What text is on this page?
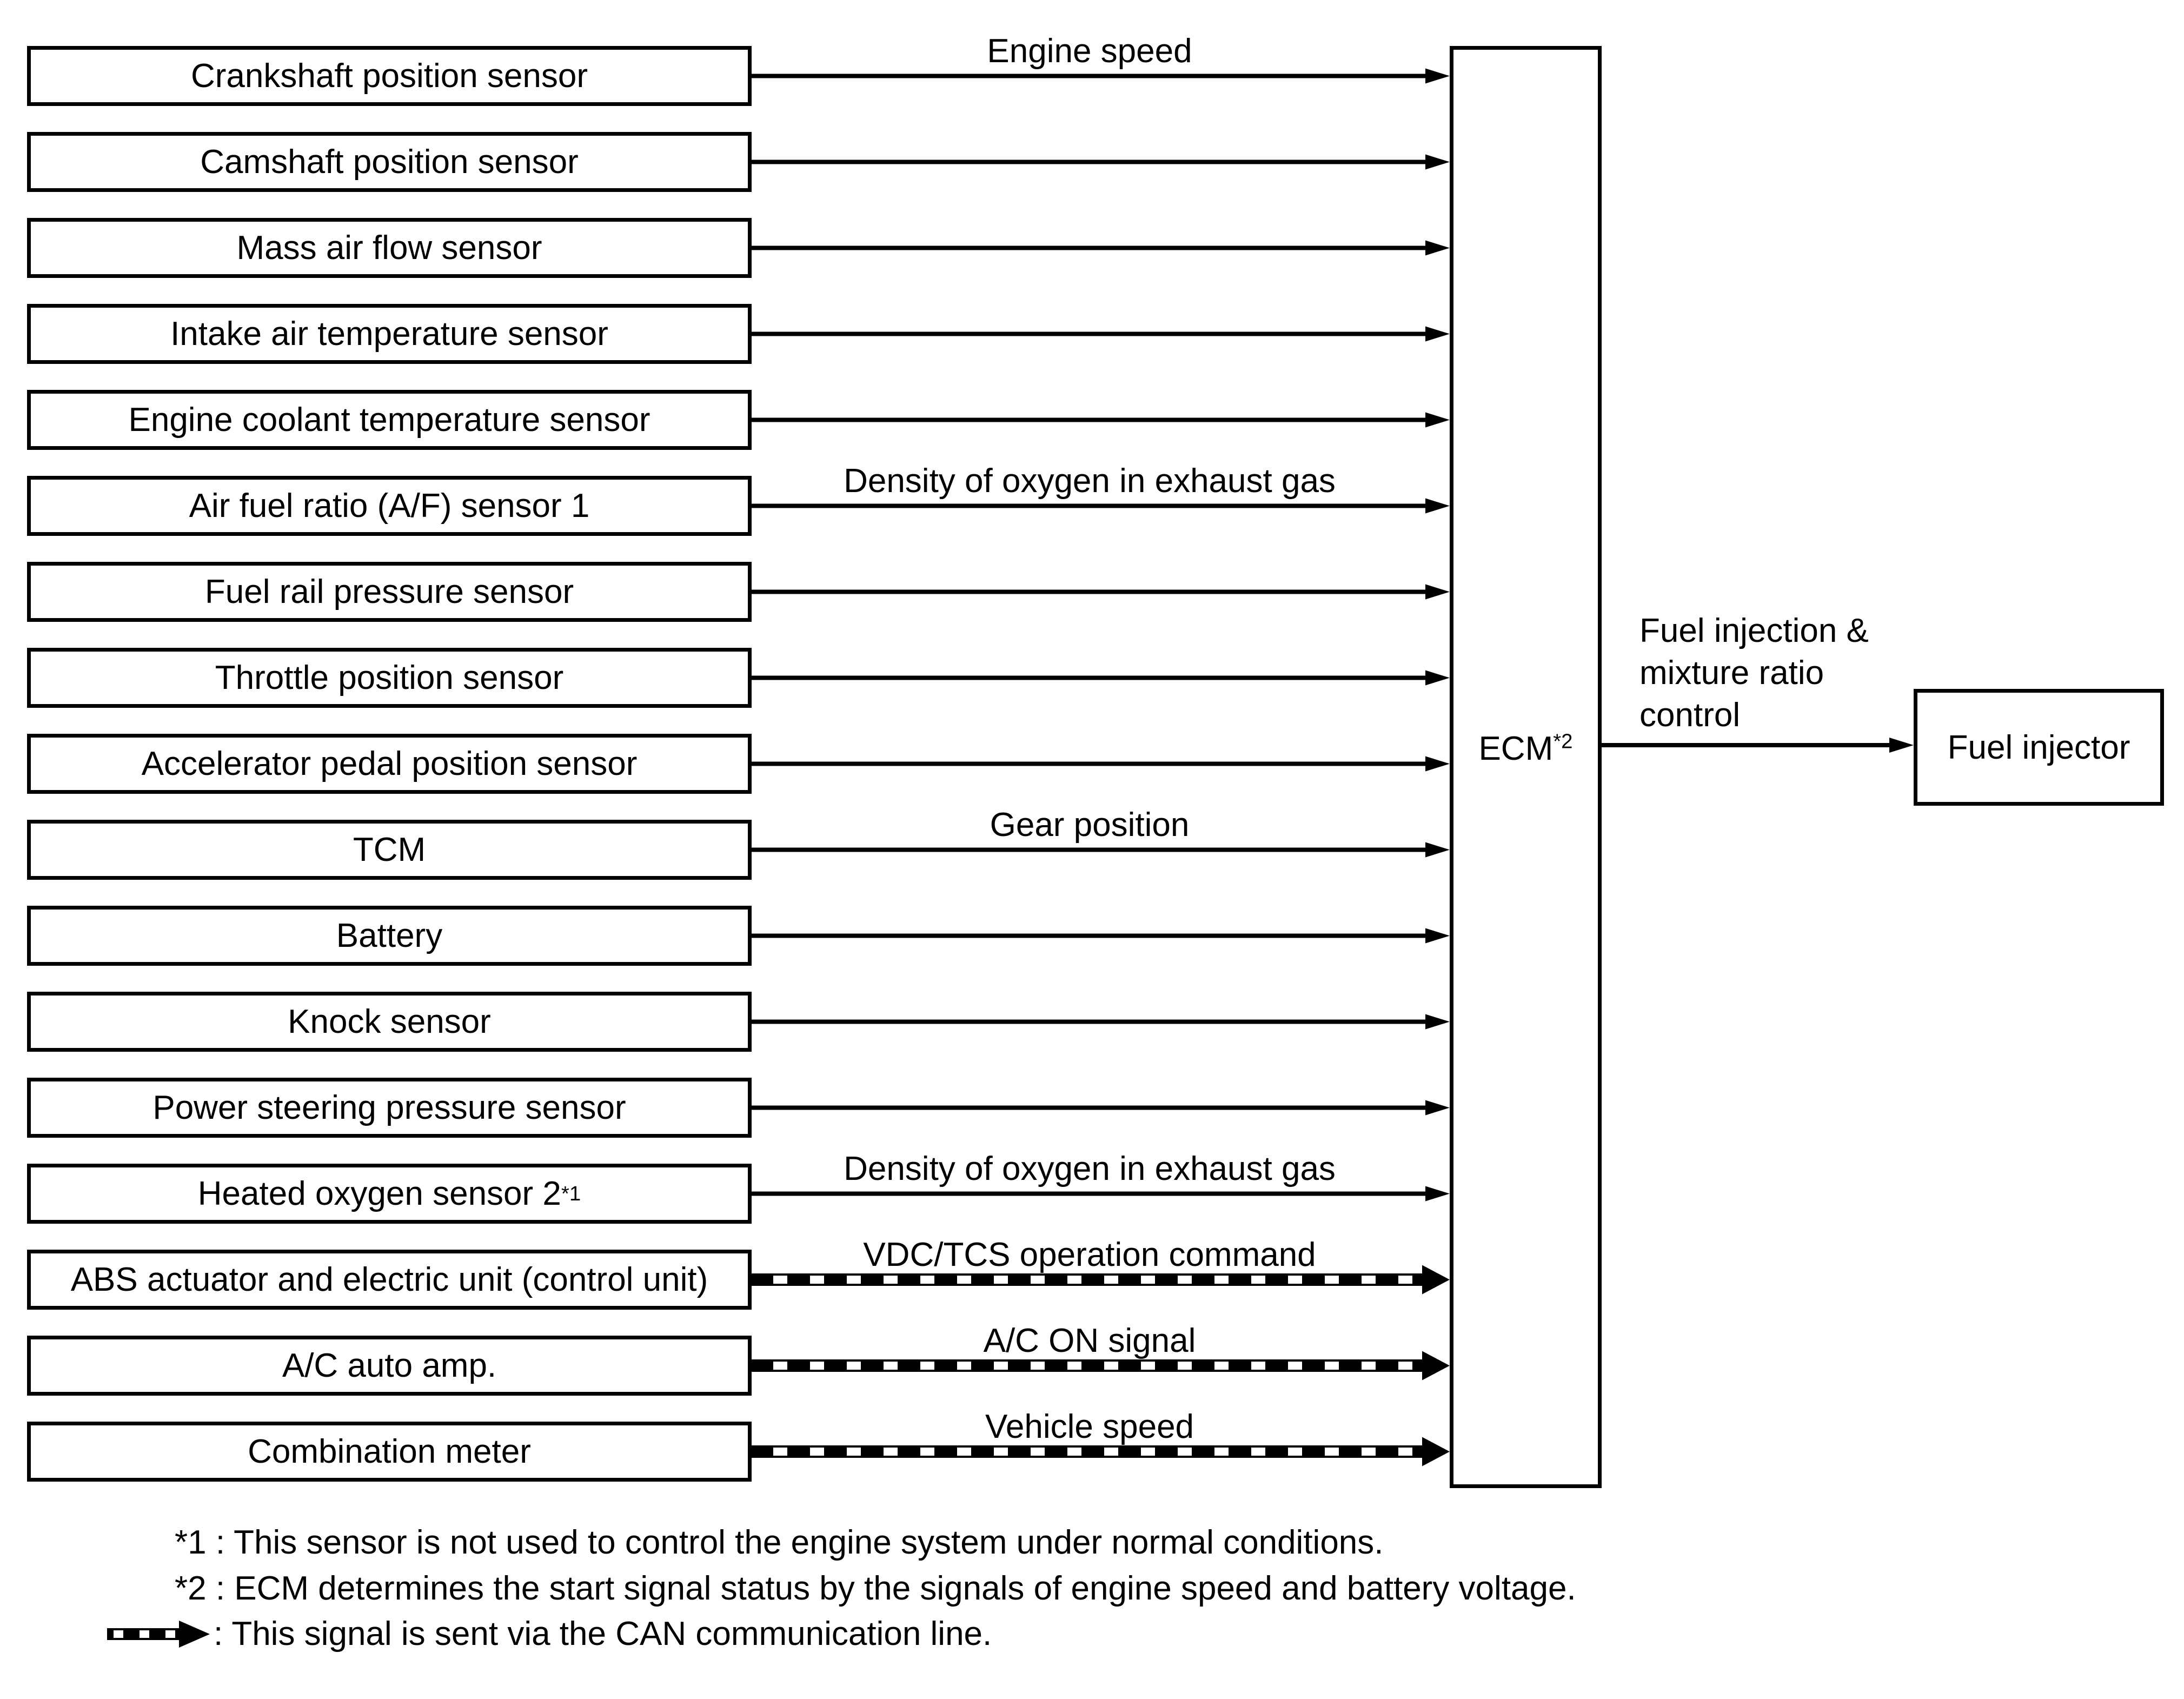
Crankshaft position sensor
Camshaft position sensor
Mass air flow sensor
Intake air temperature sensor
Engine coolant temperature sensor
Air fuel ratio (A/F) sensor 1
Fuel rail pressure sensor
Throttle position sensor
Accelerator pedal position sensor
TCM
Battery
Knock sensor
Power steering pressure sensor
Heated oxygen sensor 2 *1
ABS actuator and electric unit (control unit)
A/C auto amp.
Combination meter
Engine speed
Density of oxygen in exhaust gas
Gear position
Density of oxygen in exhaust gas
VDC/TCS operation command
A/C ON signal
Vehicle speed
ECM$^{*2}$
Fuel injection &
mixture ratio
control
Fuel injector
*1 : This sensor is not used to control the engine system under normal conditions.
*2 : ECM determines the start signal status by the signals of engine speed and battery voltage.
: This signal is sent via the CAN communication line.
